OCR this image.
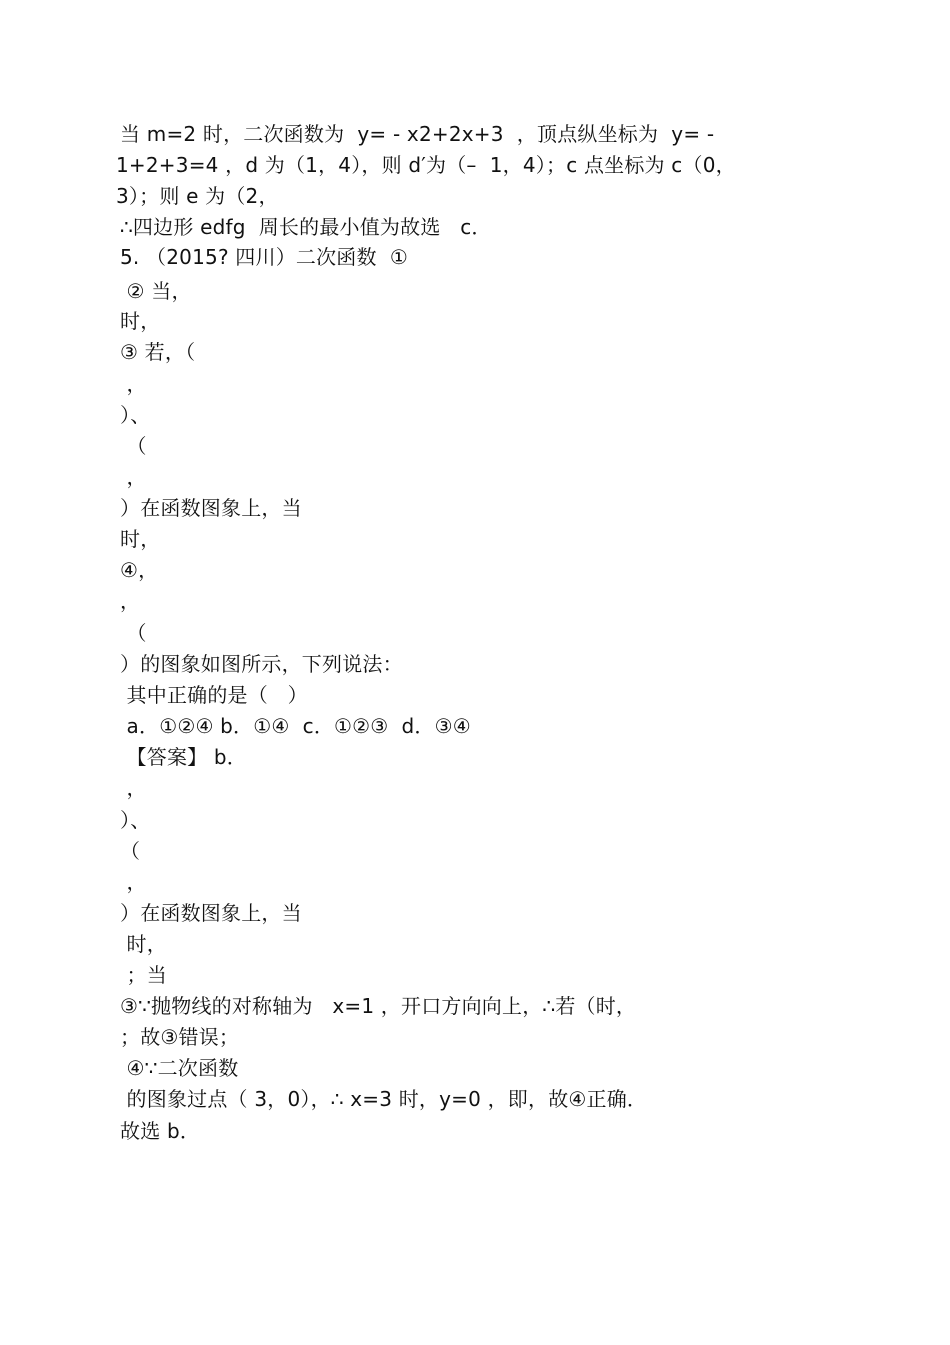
当 m=2 时，二次函数为  y= - x2+2x+3  ，顶点纵坐标为  y= -
1+2+3=4 ，d 为（1，4），则 d′为（–  1，4）；c 点坐标为 c（0，
3）；则 e 为（2，
∴四边形 edfg  周长的最小值为故选   c．
5. （2015? 四川）二次函数  ①
② 当，
时，
③ 若，（
，
）、
（
，
）在函数图象上，当
时，
④，
，
（
）的图象如图所示，下列说法：
其中正确的是（   ）
a．①②④ b．①④  c．①②③  d．③④
【答案】 b．
，
）、
（
，
）在函数图象上，当
时，
；当
③∵抛物线的对称轴为   x=1 ，开口方向向上，∴若（时，
；故③错误；
④∵二次函数
的图象过点（ 3，0），∴ x=3 时，y=0 ，即，故④正确．
故选 b．
